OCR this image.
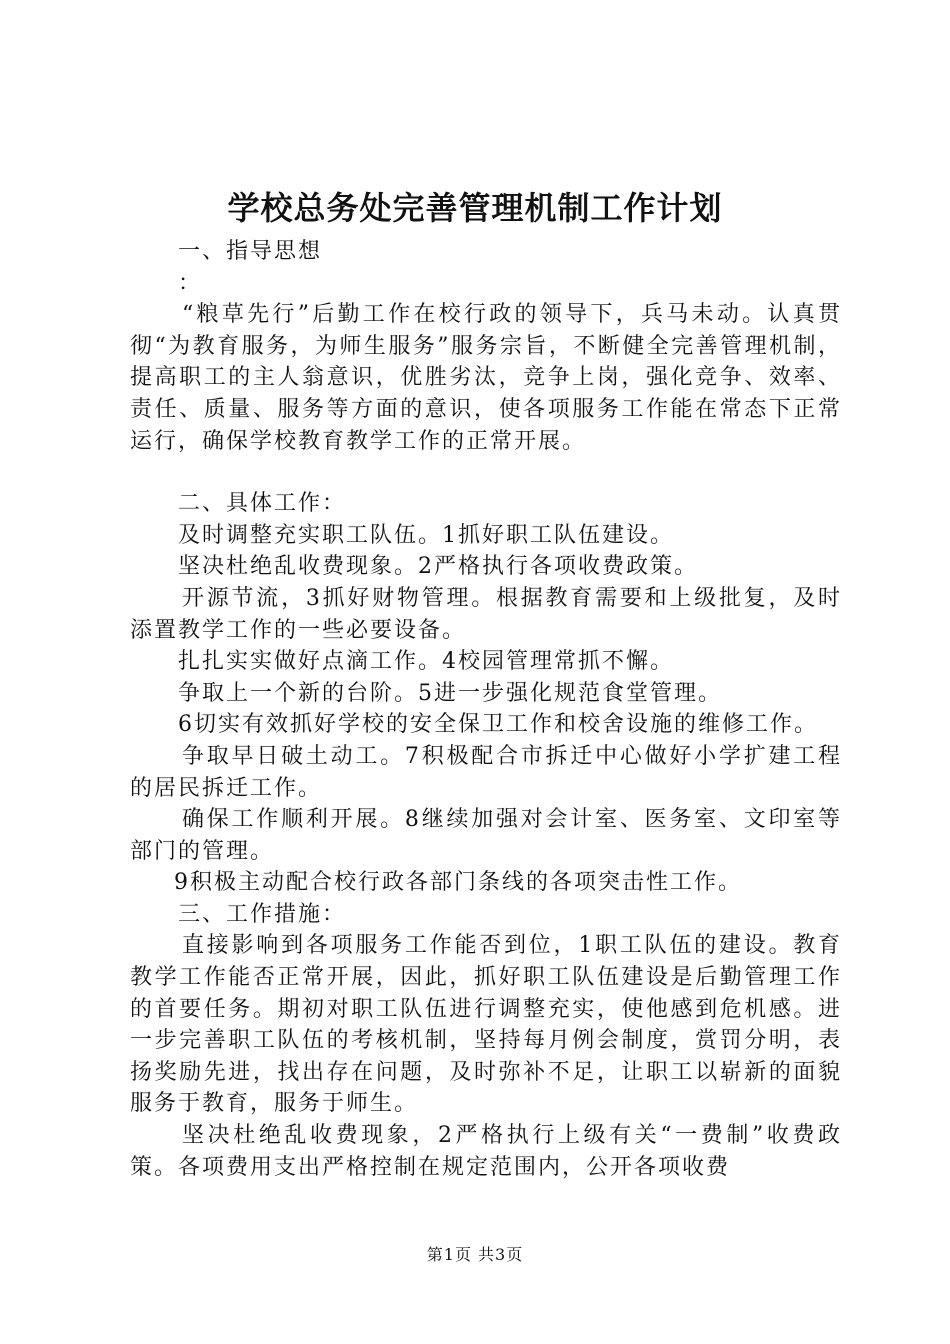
学校总务处完善管理机制工作计划

一、指导思想

：

“粮草先行”后勤工作在校行政的领导下，兵马未动。认真贯彻“为教育服务，为师生服务”服务宗旨，不断健全完善管理机制，提高职工的主人翁意识，优胜劣汰，竞争上岗，强化竞争、效率、责任、质量、服务等方面的意识，使各项服务工作能在常态下正常运行，确保学校教育教学工作的正常开展。

二、具体工作：

及时调整充实职工队伍。1抓好职工队伍建设。

坚决杜绝乱收费现象。2严格执行各项收费政策。

开源节流，3抓好财物管理。根据教育需要和上级批复，及时添置教学工作的一些必要设备。

扎扎实实做好点滴工作。4校园管理常抓不懈。

争取上一个新的台阶。5进一步强化规范食堂管理。

6切实有效抓好学校的安全保卫工作和校舍设施的维修工作。

争取早日破土动工。7积极配合市拆迁中心做好小学扩建工程的居民拆迁工作。

确保工作顺利开展。8继续加强对会计室、医务室、文印室等部门的管理。

9积极主动配合校行政各部门条线的各项突击性工作。

三、工作措施：

直接影响到各项服务工作能否到位，1职工队伍的建设。教育教学工作能否正常开展，因此，抓好职工队伍建设是后勤管理工作的首要任务。期初对职工队伍进行调整充实，使他感到危机感。进一步完善职工队伍的考核机制，坚持每月例会制度，赏罚分明，表扬奖励先进，找出存在问题，及时弥补不足，让职工以崭新的面貌服务于教育，服务于师生。

坚决杜绝乱收费现象，2严格执行上级有关“一费制”收费政策。各项费用支出严格控制在规定范围内，公开各项收费

第1页 共3页
